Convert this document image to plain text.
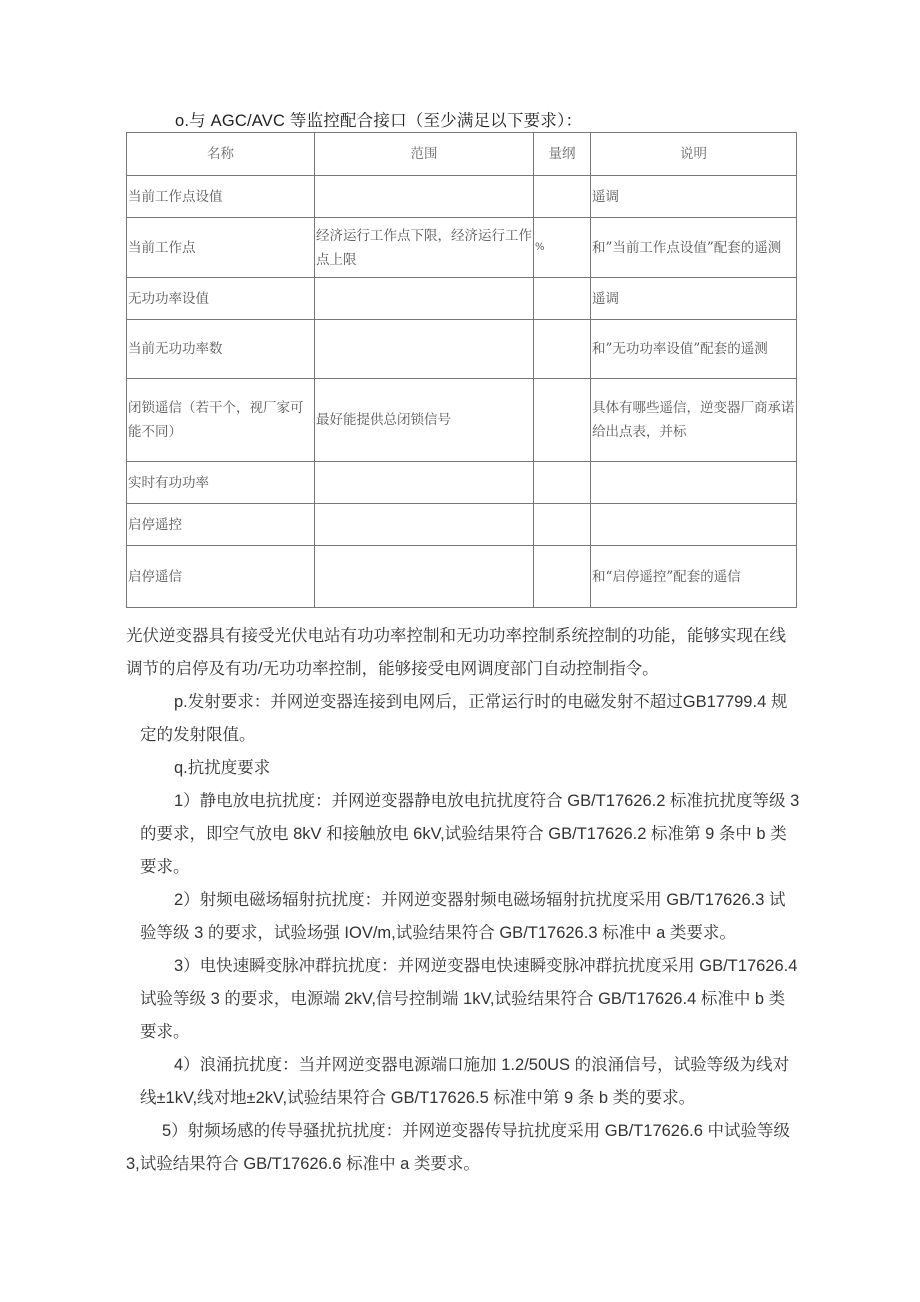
o.与 AGC/AVC 等监控配合接口（至少满足以下要求）：
名称	范围	量纲	说明
当前工作点设值			遥调
当前工作点	经济运行工作点下限，经济运行工作点上限	%	和”当前工作点设值”配套的遥测
无功功率设值			遥调
当前无功功率数			和”无功功率设值”配套的遥测
闭锁遥信（若干个，视厂家可能不同）	最好能提供总闭锁信号		具体有哪些遥信，逆变器厂商承诺给出点表，并标
实时有功功率			
启停遥控			
启停遥信			和“启停遥控”配套的遥信

光伏逆变器具有接受光伏电站有功功率控制和无功功率控制系统控制的功能，能够实现在线调节的启停及有功/无功功率控制，能够接受电网调度部门自动控制指令。

p.发射要求：并网逆变器连接到电网后，正常运行时的电磁发射不超过GB17799.4 规定的发射限值。

q.抗扰度要求

1）静电放电抗扰度：并网逆变器静电放电抗扰度符合 GB/T17626.2 标准抗扰度等级 3 的要求，即空气放电 8kV 和接触放电 6kV,试验结果符合 GB/T17626.2 标准第 9 条中 b 类要求。

2）射频电磁场辐射抗扰度：并网逆变器射频电磁场辐射抗扰度采用 GB/T17626.3 试验等级 3 的要求，试验场强 IOV/m,试验结果符合 GB/T17626.3 标准中 a 类要求。

3）电快速瞬变脉冲群抗扰度：并网逆变器电快速瞬变脉冲群抗扰度采用 GB/T17626.4 试验等级 3 的要求，电源端 2kV,信号控制端 1kV,试验结果符合 GB/T17626.4 标准中 b 类要求。

4）浪涌抗扰度：当并网逆变器电源端口施加 1.2/50US 的浪涌信号，试验等级为线对线±1kV,线对地±2kV,试验结果符合 GB/T17626.5 标准中第 9 条 b 类的要求。

5）射频场感的传导骚扰抗扰度：并网逆变器传导抗扰度采用 GB/T17626.6 中试验等级 3,试验结果符合 GB/T17626.6 标准中 a 类要求。
